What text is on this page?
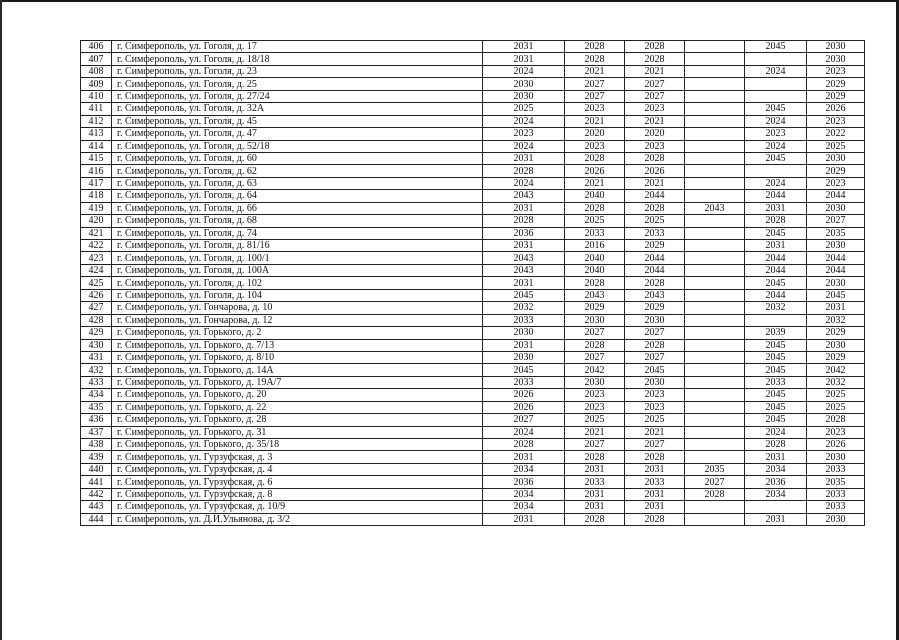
406	г. Симферополь, ул. Гоголя, д. 17	2031	2028	2028		2045	2030
407	г. Симферополь, ул. Гоголя, д. 18/18	2031	2028	2028			2030
408	г. Симферополь, ул. Гоголя, д. 23	2024	2021	2021		2024	2023
409	г. Симферополь, ул. Гоголя, д. 25	2030	2027	2027			2029
410	г. Симферополь, ул. Гоголя, д. 27/24	2030	2027	2027			2029
411	г. Симферополь, ул. Гоголя, д. 32А	2025	2023	2023		2045	2026
412	г. Симферополь, ул. Гоголя, д. 45	2024	2021	2021		2024	2023
413	г. Симферополь, ул. Гоголя, д. 47	2023	2020	2020		2023	2022
414	г. Симферополь, ул. Гоголя, д. 52/18	2024	2023	2023		2024	2025
415	г. Симферополь, ул. Гоголя, д. 60	2031	2028	2028		2045	2030
416	г. Симферополь, ул. Гоголя, д. 62	2028	2026	2026			2029
417	г. Симферополь, ул. Гоголя, д. 63	2024	2021	2021		2024	2023
418	г. Симферополь, ул. Гоголя, д. 64	2043	2040	2044		2044	2044
419	г. Симферополь, ул. Гоголя, д. 66	2031	2028	2028	2043	2031	2030
420	г. Симферополь, ул. Гоголя, д. 68	2028	2025	2025		2028	2027
421	г. Симферополь, ул. Гоголя, д. 74	2036	2033	2033		2045	2035
422	г. Симферополь, ул. Гоголя, д. 81/16	2031	2016	2029		2031	2030
423	г. Симферополь, ул. Гоголя, д. 100/1	2043	2040	2044		2044	2044
424	г. Симферополь, ул. Гоголя, д. 100А	2043	2040	2044		2044	2044
425	г. Симферополь, ул. Гоголя, д. 102	2031	2028	2028		2045	2030
426	г. Симферополь, ул. Гоголя, д. 104	2045	2043	2043		2044	2045
427	г. Симферополь, ул. Гончарова, д. 10	2032	2029	2029		2032	2031
428	г. Симферополь, ул. Гончарова, д. 12	2033	2030	2030			2032
429	г. Симферополь, ул. Горького, д. 2	2030	2027	2027		2039	2029
430	г. Симферополь, ул. Горького, д. 7/13	2031	2028	2028		2045	2030
431	г. Симферополь, ул. Горького, д. 8/10	2030	2027	2027		2045	2029
432	г. Симферополь, ул. Горького, д. 14А	2045	2042	2045		2045	2042
433	г. Симферополь, ул. Горького, д. 19А/7	2033	2030	2030		2033	2032
434	г. Симферополь, ул. Горького, д. 20	2026	2023	2023		2045	2025
435	г. Симферополь, ул. Горького, д. 22	2026	2023	2023		2045	2025
436	г. Симферополь, ул. Горького, д. 28	2027	2025	2025		2045	2028
437	г. Симферополь, ул. Горького, д. 31	2024	2021	2021		2024	2023
438	г. Симферополь, ул. Горького, д. 35/18	2028	2027	2027		2028	2026
439	г. Симферополь, ул. Гурзуфская, д. 3	2031	2028	2028		2031	2030
440	г. Симферополь, ул. Гурзуфская, д. 4	2034	2031	2031	2035	2034	2033
441	г. Симферополь, ул. Гурзуфская, д. 6	2036	2033	2033	2027	2036	2035
442	г. Симферополь, ул. Гурзуфская, д. 8	2034	2031	2031	2028	2034	2033
443	г. Симферополь, ул. Гурзуфская, д. 10/9	2034	2031	2031			2033
444	г. Симферополь, ул. Д.И.Ульянова, д. 3/2	2031	2028	2028		2031	2030
